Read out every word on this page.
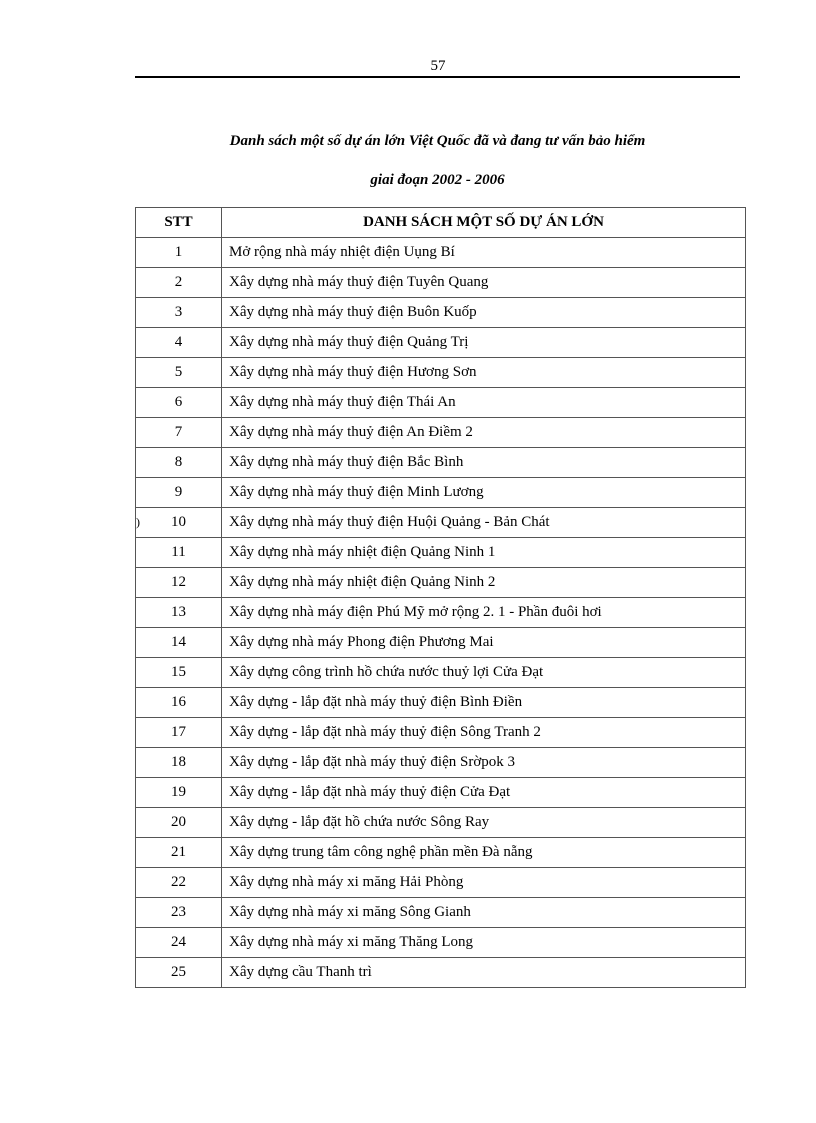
57
Danh sách một số dự án lớn Việt Quốc đã và đang tư vấn bảo hiểm
giai đoạn 2002 - 2006
)
STT	DANH SÁCH MỘT SỐ DỰ ÁN LỚN
1	Mở rộng nhà máy nhiệt điện Uụng Bí
2	Xây dựng nhà máy thuỷ điện Tuyên Quang
3	Xây dựng nhà máy thuỷ điện Buôn Kuốp
4	Xây dựng nhà máy thuỷ điện Quảng Trị
5	Xây dựng nhà máy thuỷ điện Hương Sơn
6	Xây dựng nhà máy thuỷ điện Thái An
7	Xây dựng nhà máy thuỷ điện An Điềm 2
8	Xây dựng nhà máy thuỷ điện Bắc Bình
9	Xây dựng nhà máy thuỷ điện Minh Lương
10	Xây dựng nhà máy thuỷ điện Huội Quảng - Bản Chát
11	Xây dựng nhà máy nhiệt điện Quảng Ninh 1
12	Xây dựng nhà máy nhiệt điện Quảng Ninh 2
13	Xây dựng nhà máy điện Phú Mỹ mở rộng 2. 1 - Phần đuôi hơi
14	Xây dựng nhà máy Phong điện Phương Mai
15	Xây dựng công trình hồ chứa nước thuỷ lợi Cửa Đạt
16	Xây dựng - lắp đặt nhà máy thuỷ điện Bình Điền
17	Xây dựng - lắp đặt nhà máy thuỷ điện Sông Tranh 2
18	Xây dựng - lắp đặt nhà máy thuỷ điện Srờpok 3
19	Xây dựng - lắp đặt nhà máy thuỷ điện Cửa Đạt
20	Xây dựng - lắp đặt hồ chứa nước Sông Ray
21	Xây dựng trung tâm công nghệ phần mền Đà nẵng
22	Xây dựng nhà máy xi măng Hải Phòng
23	Xây dựng nhà máy xi măng Sông Gianh
24	Xây dựng nhà máy xi măng Thăng Long
25	Xây dựng cầu Thanh trì
